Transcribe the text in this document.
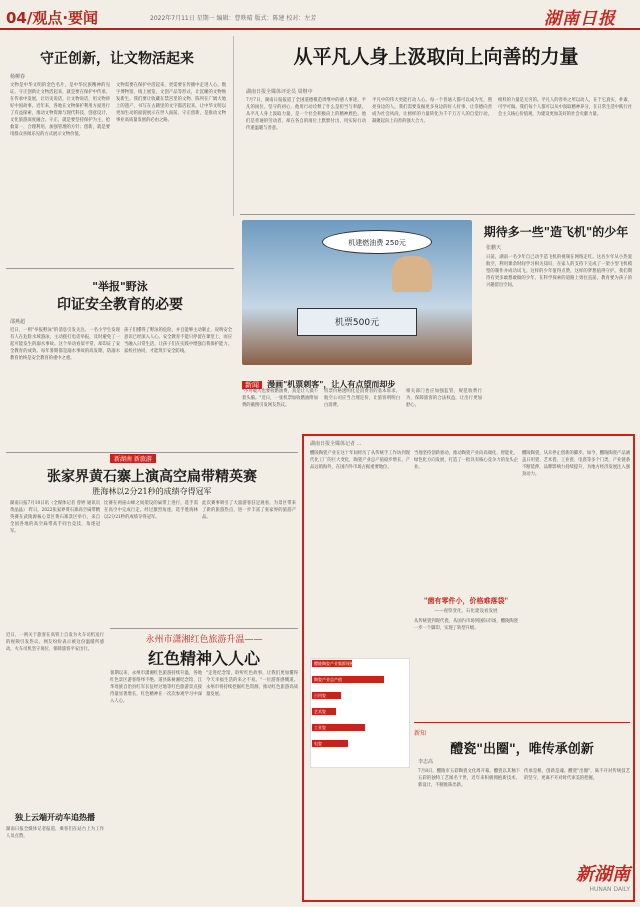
04/观点·要闻	2022年7月11日 星期一 编辑：曹昳晴 版式：陈建 校对：左芳	湖南日报
守正创新，让文物活起来
杨柳春
文物是中华文明的金色名片，是中华民族精神的见证。守正创新让文物活起来，就是要在保护中传承，在传承中发展，让历史说话，让文物说话，用文物讲好中国故事。近年来，各地在文物保护利用方面进行了有益探索，推动文物资源与现代科技、创意设计、文化旅游深度融合。守正，就是要坚持保护为主、抢救第一、合理利用、加强管理的方针；创新，就是要用群众喜闻乐见的方式展示文物价值。
文物需要在保护中活起来，更需要在传播中走进人心。数字博物馆、线上展览、文创产品等形式，让沉睡的文物焕发新生。我们要让收藏在禁宫里的文物、陈列在广阔大地上的遗产、书写在古籍里的文字都活起来，让中华文明以更加生动的面貌展示在世人面前。守正创新，是推动文物事业高质量发展的必由之路。
从平凡人身上汲取向上向善的力量
湖南日报全媒体评论员 周继中
7月7日，湖南日报报道了全国道德模范周继中的感人事迹。平凡的岗位，坚守的初心，他用行动诠释了什么是担当与奉献。从平凡人身上汲取力量，是一个社会积极向上的精神底色。他们是普通的劳动者，却在各自的岗位上默默付出，用实际行动传递温暖与善意。
平凡中的伟大更能打动人心。每一个普通人都可以成为光，照亮身边的人。我们需要发掘更多身边的好人好事，让崇德向善成为社会风尚，让榜样的力量转化为千千万万人的自觉行动，凝聚起向上向善的强大合力。
榜样的力量是无穷的。平凡人的善举之所以动人，在于它真实、朴素、可学可做。我们每个人都可以从中汲取精神养分，在日常生活中践行社会主义核心价值观，为建设更加美好的社会贡献力量。
期待多一些"造飞机"的少年
张鹏天
日前，湖南一名少年自己动手造飞机的视频在网络走红。这名少年从小热爱航空，利用课余时间学习相关知识，在家人的支持下完成了一架小型飞机模型的制作并成功试飞。这样的少年值得点赞，这样的梦想值得守护。我们期待有更多敢想敢做的少年，在科学探索的道路上勇往直前。教育要为孩子的兴趣留出空间。
机建燃油费 250元
机票500元
新闻 漫画"机票刺客"，让人有点望而却步
"小舟载人也要收燃油费，真是让人摸不着头脑。"近日，一张机票加收燃油附加费的截图引发网友热议。
机票价格透明化是消费者的基本诉求。航空公司应当合理定价，让旅客明明白白消费。
相关部门也应加强监管，规范收费行为，保障旅客的合法权益，让出行更加舒心。
"举报"野泳
印证安全教育的必要
邵燕超
近日，一则"举报野泳"的消息引发关注。一名小学生发现有人在危险水域游泳，主动拨打电话举报，及时避免了一起可能发生的溺水事故。这个举动看似平常，却印证了安全教育的成效。每年暑期都是溺水事故的高发期，防溺水教育始终是安全教育的重中之重。
孩子们懂得了野泳的危险，并且能够主动制止，说明安全意识已经深入人心。安全教育不能只停留在课堂上，而应当融入日常生活，让孩子们在实践中增强自我保护能力。家校社协同，才能筑牢安全防线。
新湖南 新旅游
张家界黄石寨上演高空扁带精英赛
胜海林以2分21秒的成绩夺得冠军
湖南日报7月10日讯（全媒体记者 曾婷 通讯员 黄晶晶） 昨日，2022张家界黄石寨高空扁带精英赛在武陵源核心景区黄石寨景区举行，来自全国各地的高空扁带高手同台竞技，角逐冠军。
比赛在两座山峰之间架设的扁带上进行，选手需在高空中完成行走。经过激烈角逐，选手胜海林以2分21秒的成绩夺得冠军。
此次赛事吸引了大量游客驻足观看，为景区带来了新的旅游热点，进一步丰富了张家界的旅游产品。
永州市潇湘红色旅游升温——
红色精神入人心
暑期以来，永州市潇湘红色旅游持续升温，各地红色景区游客络绎不绝。道县陈树湘纪念馆、江华瑶族自治县红军长征经过地等红色旅游景点接待量显著增长，红色精神在一次次参观学习中深入人心。
"走进纪念馆，聆听红色故事，让我们更加懂得今天幸福生活的来之不易。"一位游客感慨道。永州市将持续挖掘红色资源，推动红色旅游高质量发展。
近日，一则关于旅客在高铁上自发为火车司机送行的视频引发热议。网友纷纷表示被这份温暖所感动，火车司机坚守岗位，保障旅客平安出行。
独上云端开动车追热播
湖南日报全媒体记者报道，乘客们在站台上为工作人员点赞。
湖南日报全媒体记者 ...
醴陵陶瓷产业在这十年间经历了从传统手工作坊到现代化工厂的巨大变化，陶瓷产业总产值稳步增长，产品远销海外，在国内外市场占据重要地位。
当地坚持创新驱动，推动陶瓷产业向高端化、智能化、绿色化方向发展，打造了一批具有核心竞争力的龙头企业。
"菌有零件小，价格难落袋"
——观察变化，石化建设看发展
从传统瓷到现代瓷，从国内市场到国际市场，醴陵陶瓷一步一个脚印，实现了转型升级。
醴陵陶瓷，从未停止创新的脚步。如今，醴陵陶瓷产品涵盖日用瓷、艺术瓷、工业瓷、电瓷等多个门类，产业链条不断延伸，品牌影响力持续提升，为地方经济发展注入强劲动力。
新知
醴瓷"出圈"，唯传承创新
李志高
7月8日，醴陵市五彩陶瓷文化周开幕。醴瓷以其釉下五彩的独特工艺闻名于世，近年来积极拥抱新技术、新设计，不断推陈出新。
传承是根，创新是魂。醴瓷"出圈"，离不开对传统技艺的坚守，更离不开对时代审美的把握。
醴陵陶瓷产业集群规模
陶瓷产业总产值
日用瓷
艺术瓷
工业瓷
电瓷
新湖南
HUNAN DAILY
